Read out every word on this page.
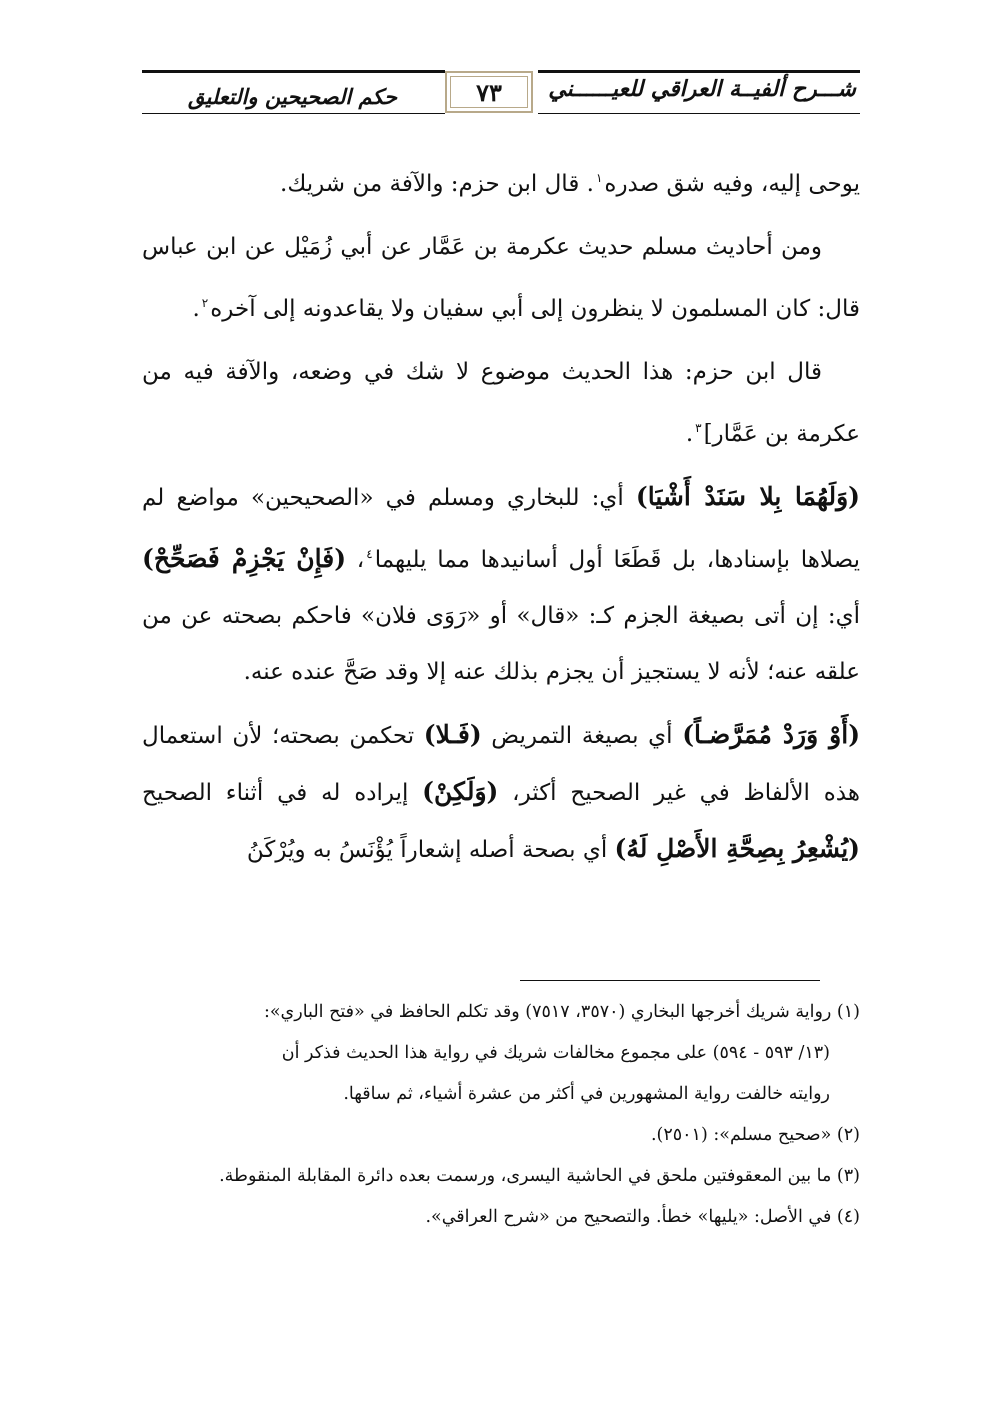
شـــرح ألفيــة العراقي للعيــــــني
٧٣
حكم الصحيحين والتعليق

يوحى إليه، وفيه شق صدره$^١$. قال ابن حزم: والآفة من شريك.

ومن أحاديث مسلم حديث عكرمة بن عَمَّار عن أبي زُمَيْل عن ابن عباس قال: كان المسلمون لا ينظرون إلى أبي سفيان ولا يقاعدونه إلى آخره$^٢$.

قال ابن حزم: هذا الحديث موضوع لا شك في وضعه، والآفة فيه من عكرمة بن عَمَّار]$^٣$.

(وَلَهُمَا بِلا سَنَدْ أَشْيَا) أي: للبخاري ومسلم في «الصحيحين» مواضع لم يصلاها بإسنادها، بل قَطَعَا أول أسانيدها مما يليهما$^٤$، (فَإِنْ يَجْزِمْ فَصَحِّحْ) أي: إن أتى بصيغة الجزم كـ: «قال» أو «رَوَى فلان» فاحكم بصحته عن من علقه عنه؛ لأنه لا يستجيز أن يجزم بذلك عنه إلا وقد صَحَّ عنده عنه.

(أَوْ وَرَدْ مُمَرَّضـاً) أي بصيغة التمريض (فَـلا) تحكمن بصحته؛ لأن استعمال هذه الألفاظ في غير الصحيح أكثر، (وَلَكِنْ) إيراده له في أثناء الصحيح (يُشْعِرُ بِصِحَّةِ الأَصْلِ لَهُ) أي بصحة أصله إشعاراً يُؤْنَسُ به ويُرْكَنُ

(١) رواية شريك أخرجها البخاري (٣٥٧٠، ٧٥١٧) وقد تكلم الحافظ في «فتح الباري»:

(١٣/ ٥٩٣ - ٥٩٤) على مجموع مخالفات شريك في رواية هذا الحديث فذكر أن

روايته خالفت رواية المشهورين في أكثر من عشرة أشياء، ثم ساقها.

(٢) «صحيح مسلم»: (٢٥٠١).

(٣) ما بين المعقوفتين ملحق في الحاشية اليسرى، ورسمت بعده دائرة المقابلة المنقوطة.

(٤) في الأصل: «يليها» خطأ. والتصحيح من «شرح العراقي».
